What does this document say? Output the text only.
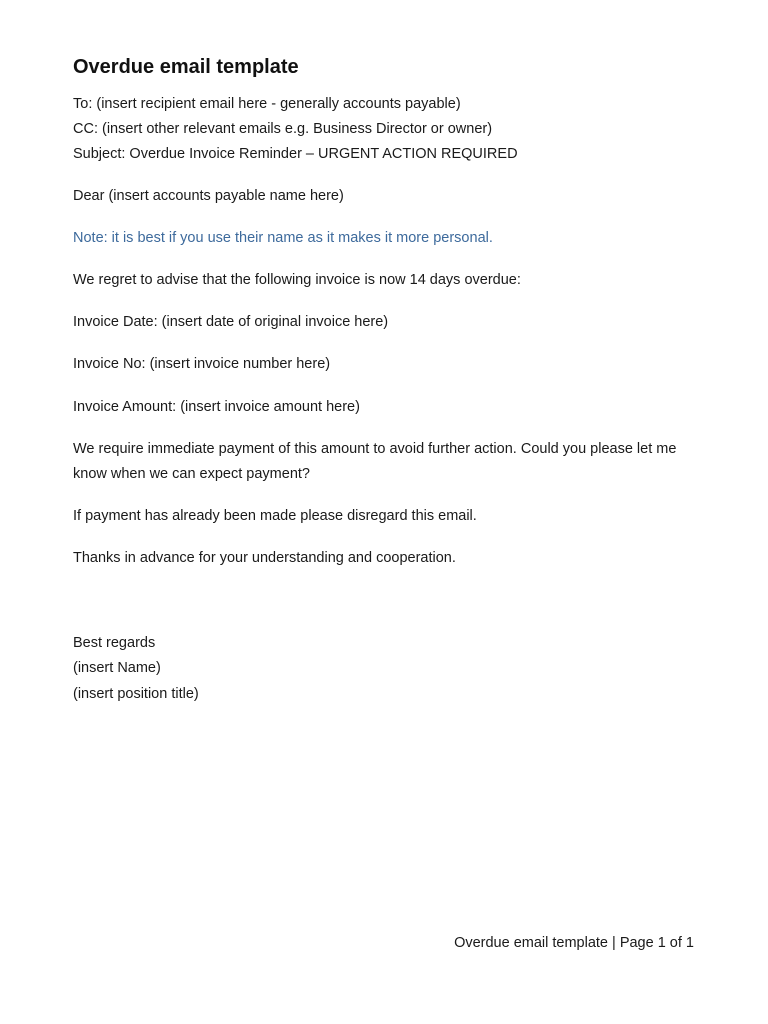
Overdue email template

To: (insert recipient email here - generally accounts payable)

CC: (insert other relevant emails e.g. Business Director or owner)

Subject: Overdue Invoice Reminder – URGENT ACTION REQUIRED

Dear (insert accounts payable name here)

Note: it is best if you use their name as it makes it more personal.

We regret to advise that the following invoice is now 14 days overdue:

Invoice Date: (insert date of original invoice here)

Invoice No: (insert invoice number here)

Invoice Amount: (insert invoice amount here)

We require immediate payment of this amount to avoid further action. Could you please let me know when we can expect payment?

If payment has already been made please disregard this email.

Thanks in advance for your understanding and cooperation.

Best regards

(insert Name)

(insert position title)

Overdue email template | Page 1 of 1
